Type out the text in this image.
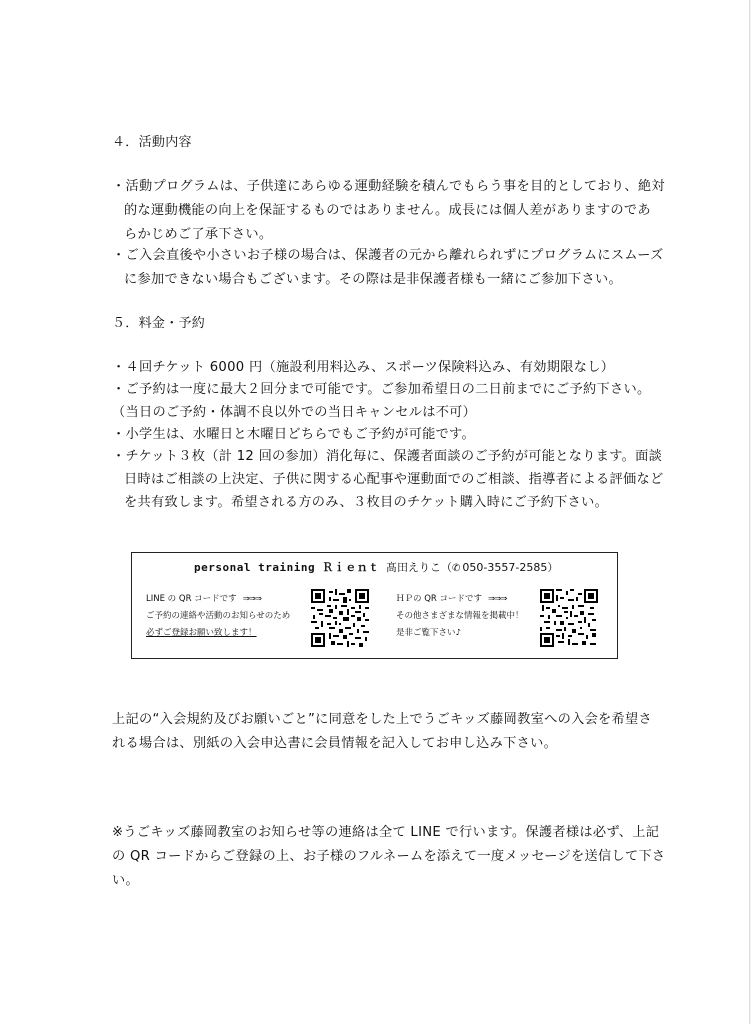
４．活動内容

・活動プログラムは、子供達にあらゆる運動経験を積んでもらう事を目的としており、絶対

的な運動機能の向上を保証するものではありません。成長には個人差がありますのであ

らかじめご了承下さい。

・ご入会直後や小さいお子様の場合は、保護者の元から離れられずにプログラムにスムーズ

に参加できない場合もございます。その際は是非保護者様も一緒にご参加下さい。

５．料金・予約

・４回チケット 6000 円（施設利用料込み、スポーツ保険料込み、有効期限なし）

・ご予約は一度に最大２回分まで可能です。ご参加希望日の二日前までにご予約下さい。

（当日のご予約・体調不良以外での当日キャンセルは不可）

・小学生は、水曜日と木曜日どちらでもご予約が可能です。

・チケット３枚（計 12 回の参加）消化毎に、保護者面談のご予約が可能となります。面談

日時はご相談の上決定、子供に関する心配事や運動面でのご相談、指導者による評価など

を共有致します。希望される方のみ、３枚目のチケット購入時にご予約下さい。

personal training Ｒｉｅｎｔ 髙田えりこ（✆ 050-3557-2585）
LINE の QR コードです ⇒⇒⇒
ご予約の連絡や活動のお知らせのため
必ずご登録お願い致します！
ＨＰの QR コードです ⇒⇒⇒
その他さまざまな情報を掲載中！
是非ご覧下さい♪

上記の“入会規約及びお願いごと”に同意をした上でうごキッズ藤岡教室への入会を希望さ

れる場合は、別紙の入会申込書に会員情報を記入してお申し込み下さい。

※うごキッズ藤岡教室のお知らせ等の連絡は全て LINE で行います。保護者様は必ず、上記

の QR コードからご登録の上、お子様のフルネームを添えて一度メッセージを送信して下さ

い。
